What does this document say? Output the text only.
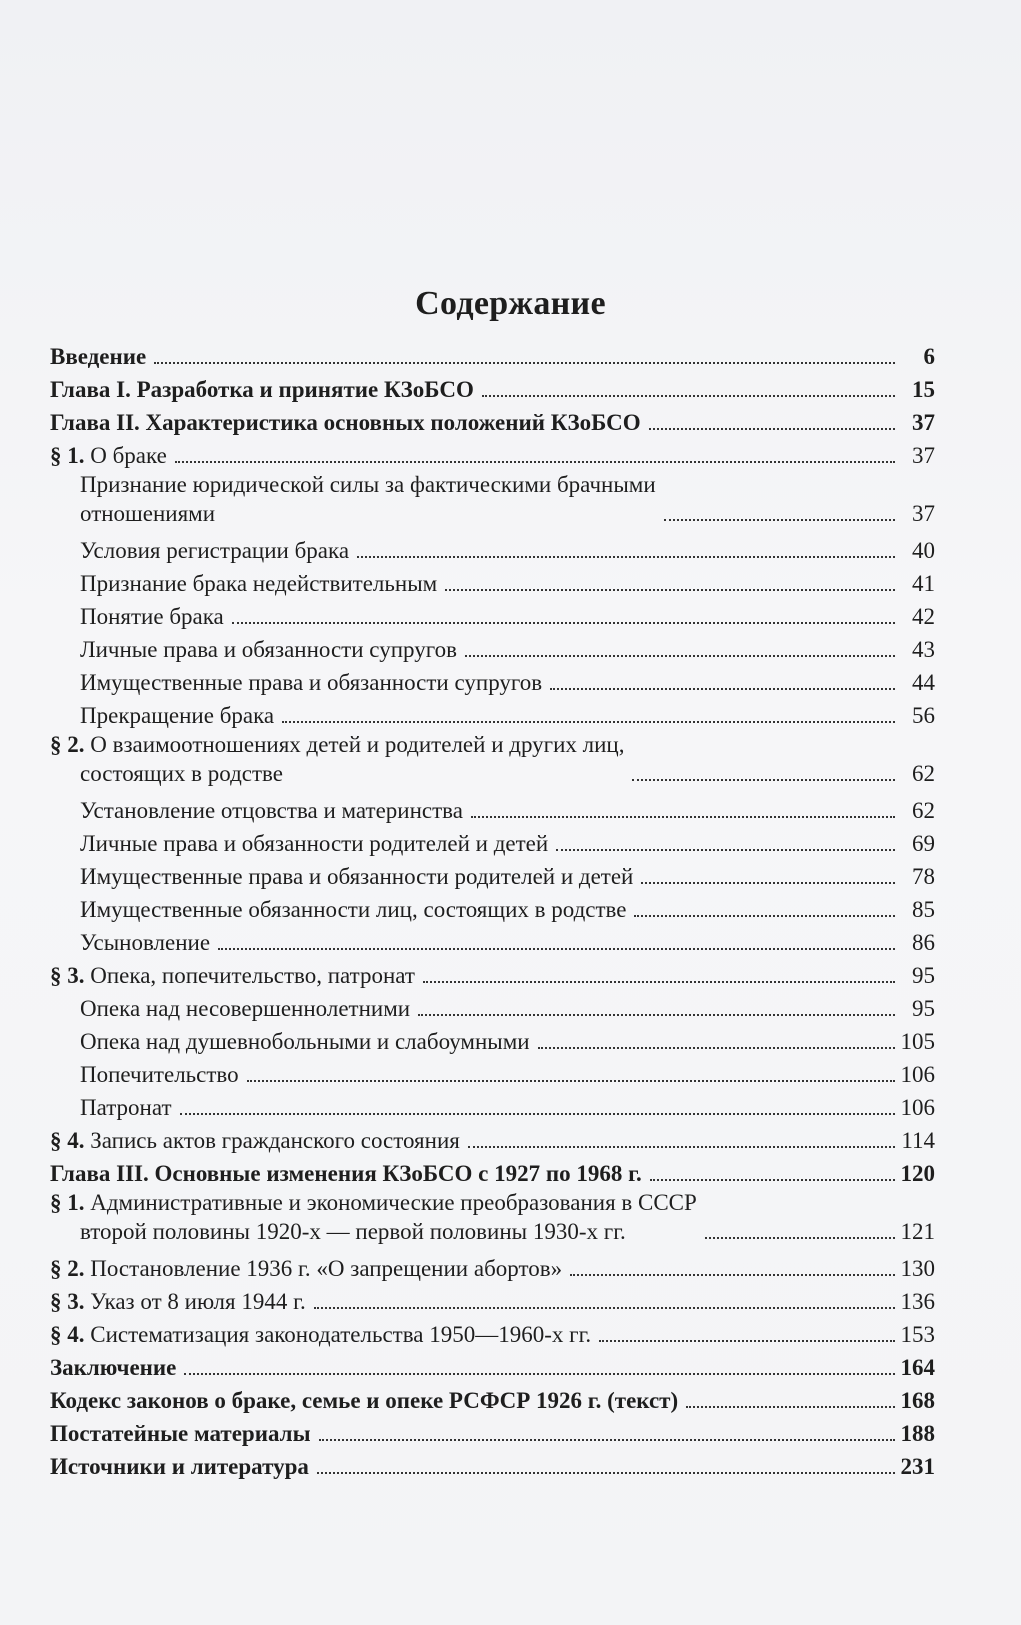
Содержание
Введение	6
Глава I. Разработка и принятие КЗоБСО	15
Глава II. Характеристика основных положений КЗоБСО	37
§ 1. О браке	37
Признание юридической силы за фактическими брачными
отношениями	37
Условия регистрации брака	40
Признание брака недействительным	41
Понятие брака	42
Личные права и обязанности супругов	43
Имущественные права и обязанности супругов	44
Прекращение брака	56
§ 2. О взаимоотношениях детей и родителей и других лиц,
состоящих в родстве	62
Установление отцовства и материнства	62
Личные права и обязанности родителей и детей	69
Имущественные права и обязанности родителей и детей	78
Имущественные обязанности лиц, состоящих в родстве	85
Усыновление	86
§ 3. Опека, попечительство, патронат	95
Опека над несовершеннолетними	95
Опека над душевнобольными и слабоумными	105
Попечительство	106
Патронат	106
§ 4. Запись актов гражданского состояния	114
Глава III. Основные изменения КЗоБСО с 1927 по 1968 г.	120
§ 1. Административные и экономические преобразования в СССР
второй половины 1920-х — первой половины 1930-х гг.	121
§ 2. Постановление 1936 г. «О запрещении абортов»	130
§ 3. Указ от 8 июля 1944 г.	136
§ 4. Систематизация законодательства 1950—1960-х гг.	153
Заключение	164
Кодекс законов о браке, семье и опеке РСФСР 1926 г. (текст)	168
Постатейные материалы	188
Источники и литература	231
